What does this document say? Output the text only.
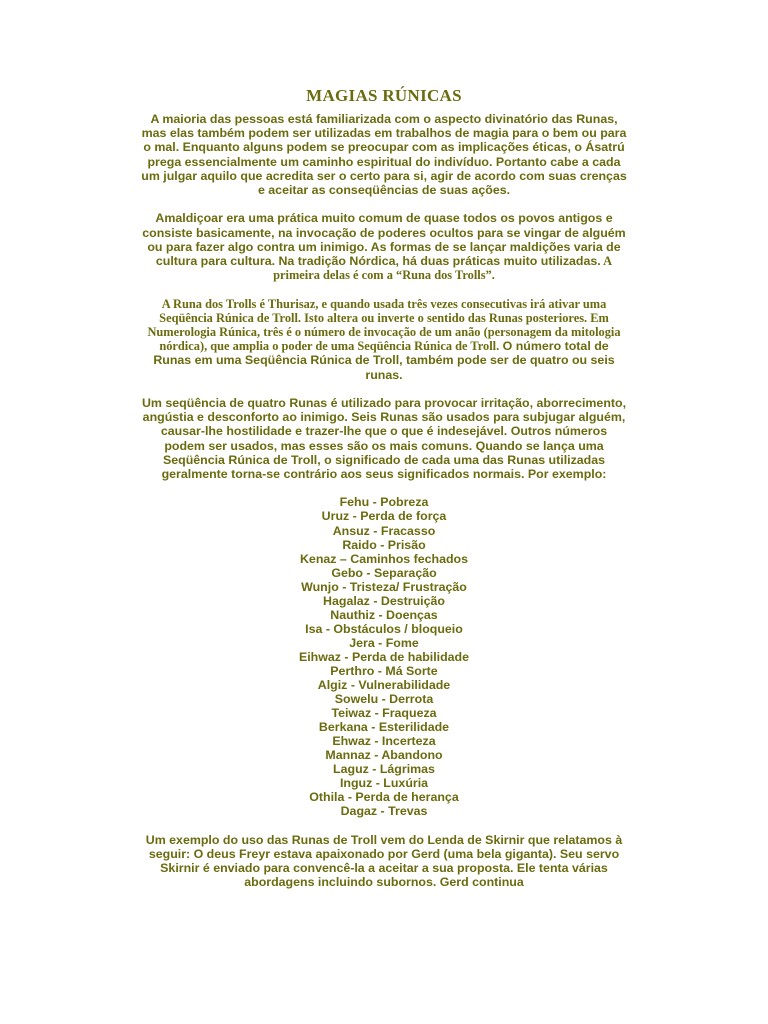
MAGIAS RÚNICAS

A maioria das pessoas está familiarizada com o aspecto divinatório das Runas, mas elas também podem ser utilizadas em trabalhos de magia para o bem ou para o mal. Enquanto alguns podem se preocupar com as implicações éticas, o Ásatrú prega essencialmente um caminho espiritual do indivíduo. Portanto cabe a cada um julgar aquilo que acredita ser o certo para si, agir de acordo com suas crenças e aceitar as conseqüências de suas ações.

Amaldiçoar era uma prática muito comum de quase todos os povos antigos e consiste basicamente, na invocação de poderes ocultos para se vingar de alguém ou para fazer algo contra um inimigo. As formas de se lançar maldições varia de cultura para cultura. Na tradição Nórdica, há duas práticas muito utilizadas. A primeira delas é com a “Runa dos Trolls”.

A Runa dos Trolls é Thurisaz, e quando usada três vezes consecutivas irá ativar uma Seqüência Rúnica de Troll. Isto altera ou inverte o sentido das Runas posteriores. Em Numerologia Rúnica, três é o número de invocação de um anão (personagem da mitologia nórdica), que amplia o poder de uma Seqüência Rúnica de Troll. O número total de Runas em uma Seqüência Rúnica de Troll, também pode ser de quatro ou seis runas.

Um seqüência de quatro Runas é utilizado para provocar irritação, aborrecimento, angústia e desconforto ao inimigo. Seis Runas são usados para subjugar alguém, causar-lhe hostilidade e trazer-lhe que o que é indesejável. Outros números podem ser usados, mas esses são os mais comuns. Quando se lança uma Seqüência Rúnica de Troll, o significado de cada uma das Runas utilizadas geralmente torna-se contrário aos seus significados normais. Por exemplo:

Fehu - Pobreza
Uruz - Perda de força
Ansuz - Fracasso
Raido - Prisão
Kenaz – Caminhos fechados
Gebo - Separação
Wunjo - Tristeza/ Frustração
Hagalaz - Destruição
Nauthiz - Doenças
Isa - Obstáculos / bloqueio
Jera - Fome
Eihwaz - Perda de habilidade
Perthro - Má Sorte
Algiz - Vulnerabilidade
Sowelu - Derrota
Teiwaz - Fraqueza
Berkana - Esterilidade
Ehwaz - Incerteza
Mannaz - Abandono
Laguz - Lágrimas
Inguz - Luxúria
Othila - Perda de herança
Dagaz - Trevas

Um exemplo do uso das Runas de Troll vem do Lenda de Skirnir que relatamos à seguir: O deus Freyr estava apaixonado por Gerd (uma bela giganta). Seu servo Skirnir é enviado para convencê-la a aceitar a sua proposta. Ele tenta várias abordagens incluindo subornos. Gerd continua
